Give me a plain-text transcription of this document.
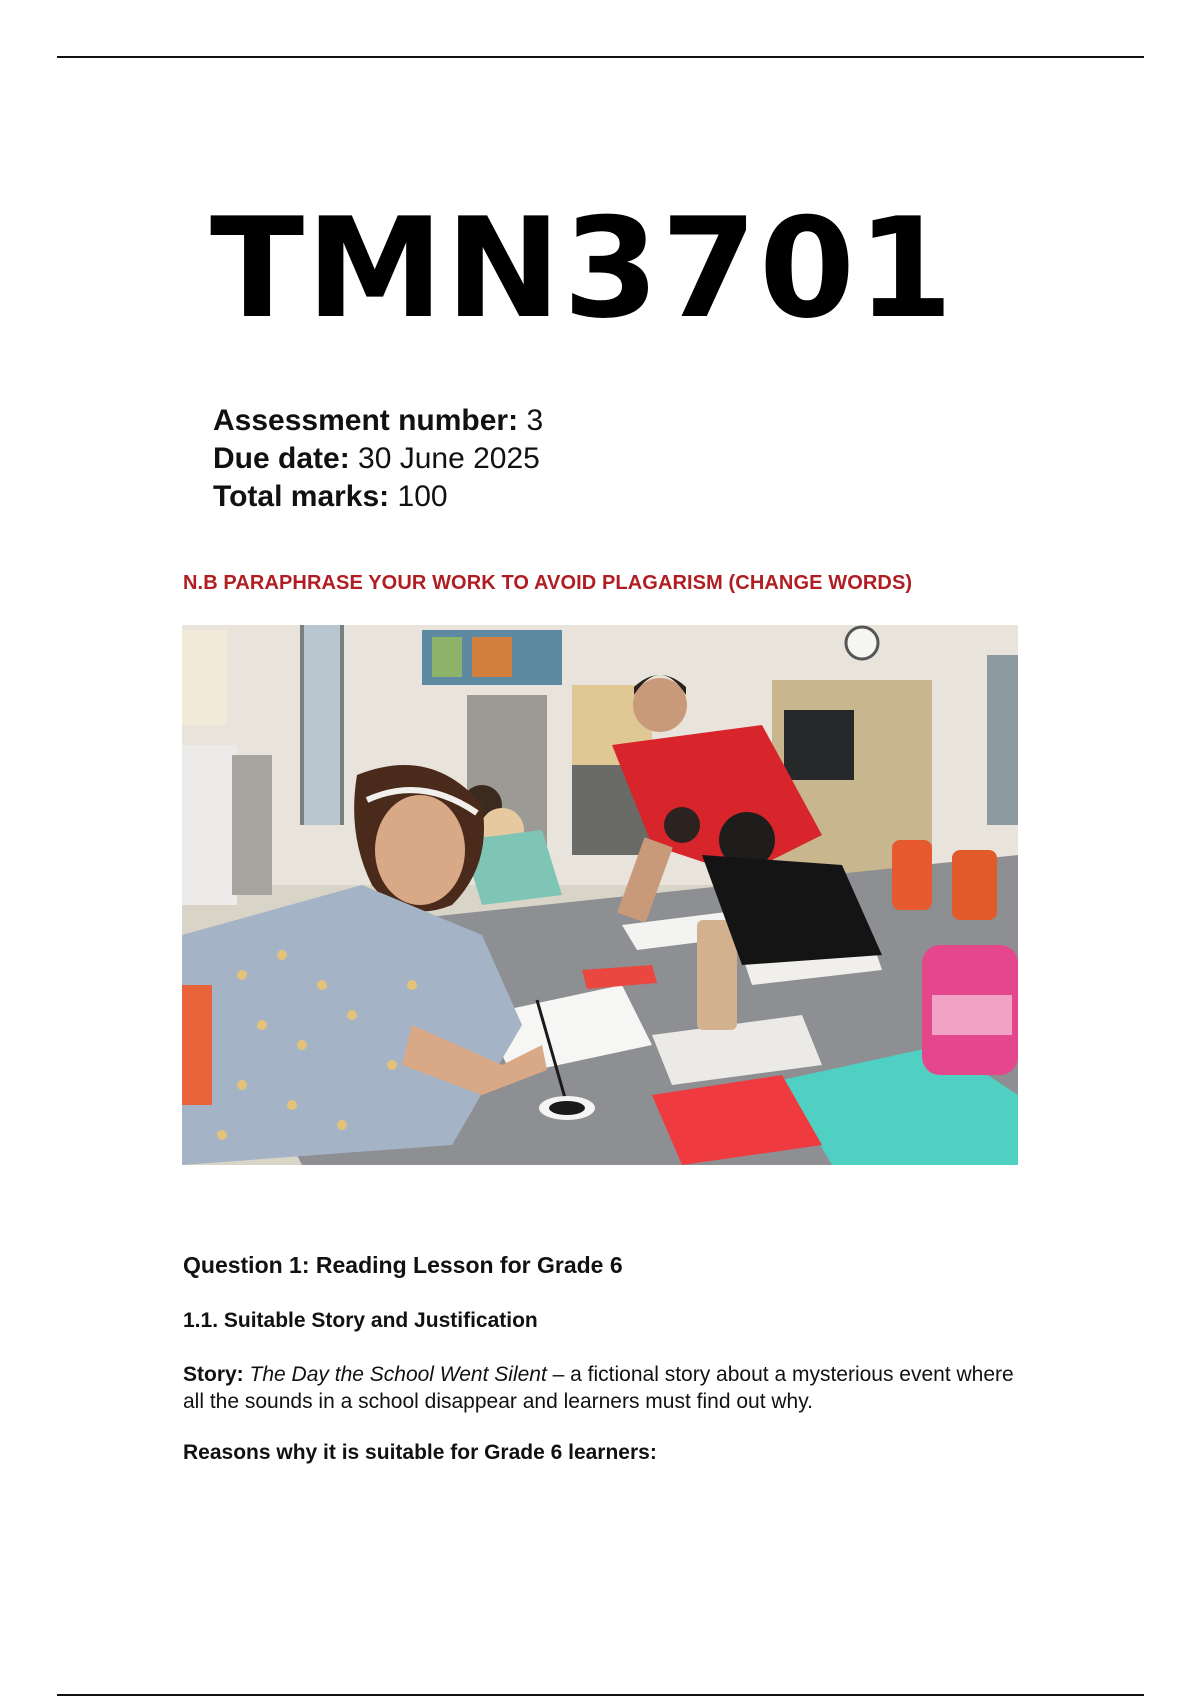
TMN3701
Assessment number: 3
Due date: 30 June 2025
Total marks: 100
N.B PARAPHRASE YOUR WORK TO AVOID PLAGARISM (CHANGE WORDS)

Question 1: Reading Lesson for Grade 6

1.1. Suitable Story and Justification

Story: The Day the School Went Silent – a fictional story about a mysterious event where all the sounds in a school disappear and learners must find out why.

Reasons why it is suitable for Grade 6 learners:
